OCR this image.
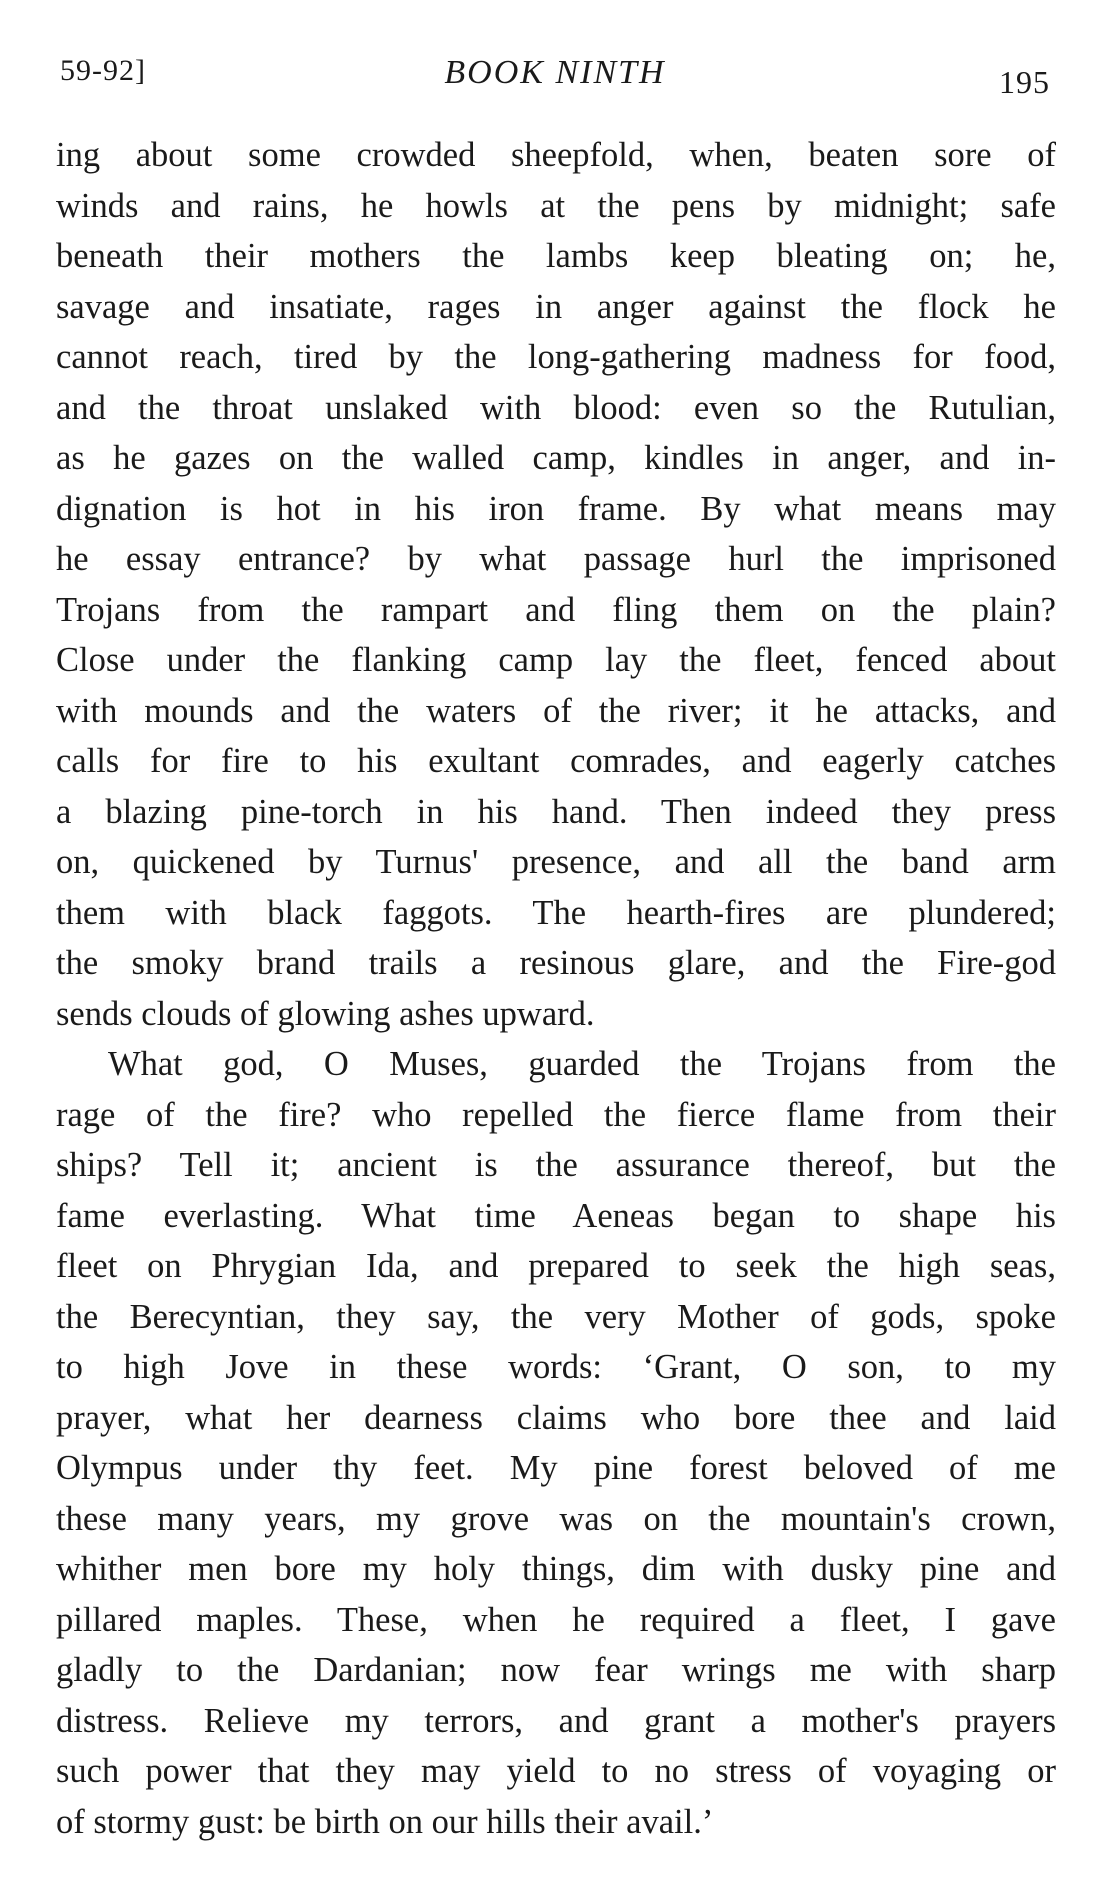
59-92]	BOOK NINTH	195
ing about some crowded sheepfold, when, beaten sore of
winds and rains, he howls at the pens by midnight; safe
beneath their mothers the lambs keep bleating on; he,
savage and insatiate, rages in anger against the flock he
cannot reach, tired by the long-gathering madness for food,
and the throat unslaked with blood: even so the Rutulian,
as he gazes on the walled camp, kindles in anger, and in-
dignation is hot in his iron frame. By what means may
he essay entrance? by what passage hurl the imprisoned
Trojans from the rampart and fling them on the plain?
Close under the flanking camp lay the fleet, fenced about
with mounds and the waters of the river; it he attacks, and
calls for fire to his exultant comrades, and eagerly catches
a blazing pine-torch in his hand. Then indeed they press
on, quickened by Turnus' presence, and all the band arm
them with black faggots. The hearth-fires are plundered;
the smoky brand trails a resinous glare, and the Fire-god
sends clouds of glowing ashes upward.
What god, O Muses, guarded the Trojans from the
rage of the fire? who repelled the fierce flame from their
ships? Tell it; ancient is the assurance thereof, but the
fame everlasting. What time Aeneas began to shape his
fleet on Phrygian Ida, and prepared to seek the high seas,
the Berecyntian, they say, the very Mother of gods, spoke
to high Jove in these words: ‘Grant, O son, to my
prayer, what her dearness claims who bore thee and laid
Olympus under thy feet. My pine forest beloved of me
these many years, my grove was on the mountain's crown,
whither men bore my holy things, dim with dusky pine and
pillared maples. These, when he required a fleet, I gave
gladly to the Dardanian; now fear wrings me with sharp
distress. Relieve my terrors, and grant a mother's prayers
such power that they may yield to no stress of voyaging or
of stormy gust: be birth on our hills their avail.’
